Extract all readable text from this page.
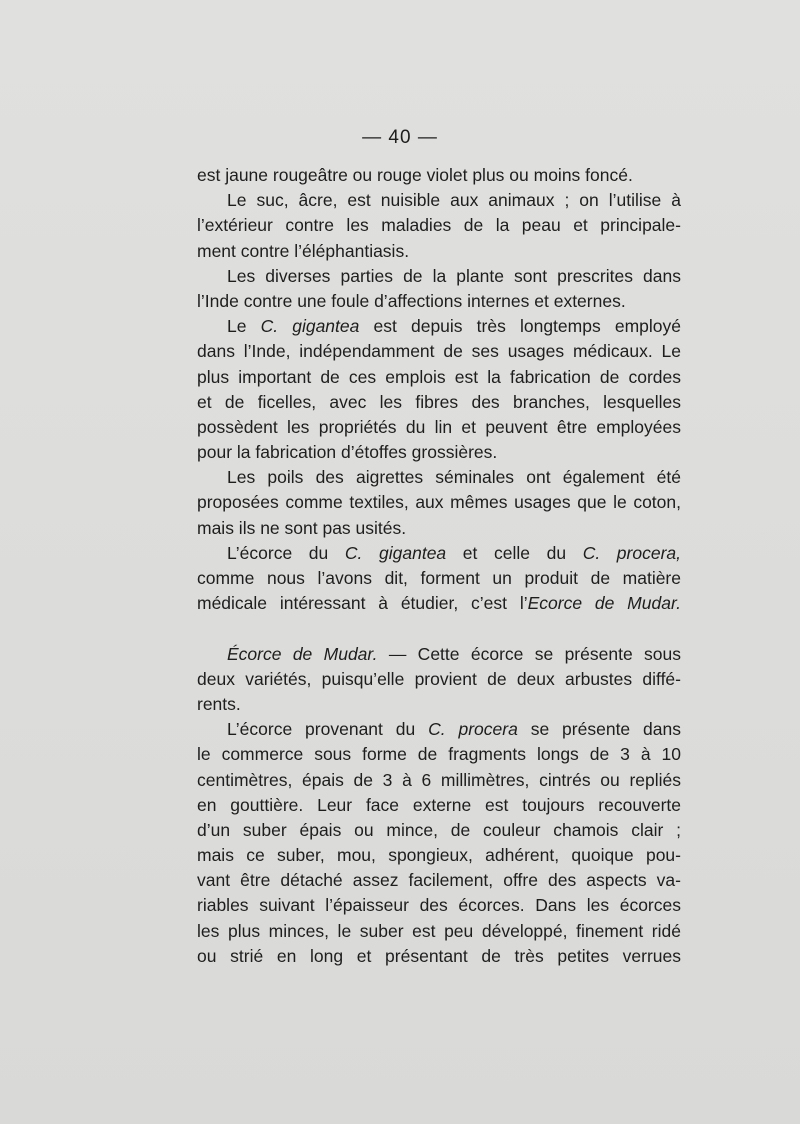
— 40 —
est jaune rougeâtre ou rouge violet plus ou moins foncé.
Le suc, âcre, est nuisible aux animaux ; on l’utilise à
l’extérieur contre les maladies de la peau et principale-
ment contre l’éléphantiasis.
Les diverses parties de la plante sont prescrites dans
l’Inde contre une foule d’affections internes et externes.
Le C. gigantea est depuis très longtemps employé
dans l’Inde, indépendamment de ses usages médicaux. Le
plus important de ces emplois est la fabrication de cordes
et de ficelles, avec les fibres des branches, lesquelles
possèdent les propriétés du lin et peuvent être employées
pour la fabrication d’étoffes grossières.
Les poils des aigrettes séminales ont également été
proposées comme textiles, aux mêmes usages que le coton,
mais ils ne sont pas usités.
L’écorce du C. gigantea et celle du C. procera,
comme nous l’avons dit, forment un produit de matière
médicale intéressant à étudier, c’est l’Ecorce de Mudar.
Écorce de Mudar. — Cette écorce se présente sous
deux variétés, puisqu’elle provient de deux arbustes diffé-
rents.
L’écorce provenant du C. procera se présente dans
le commerce sous forme de fragments longs de 3 à 10
centimètres, épais de 3 à 6 millimètres, cintrés ou repliés
en gouttière. Leur face externe est toujours recouverte
d’un suber épais ou mince, de couleur chamois clair ;
mais ce suber, mou, spongieux, adhérent, quoique pou-
vant être détaché assez facilement, offre des aspects va-
riables suivant l’épaisseur des écorces. Dans les écorces
les plus minces, le suber est peu développé, finement ridé
ou strié en long et présentant de très petites verrues
